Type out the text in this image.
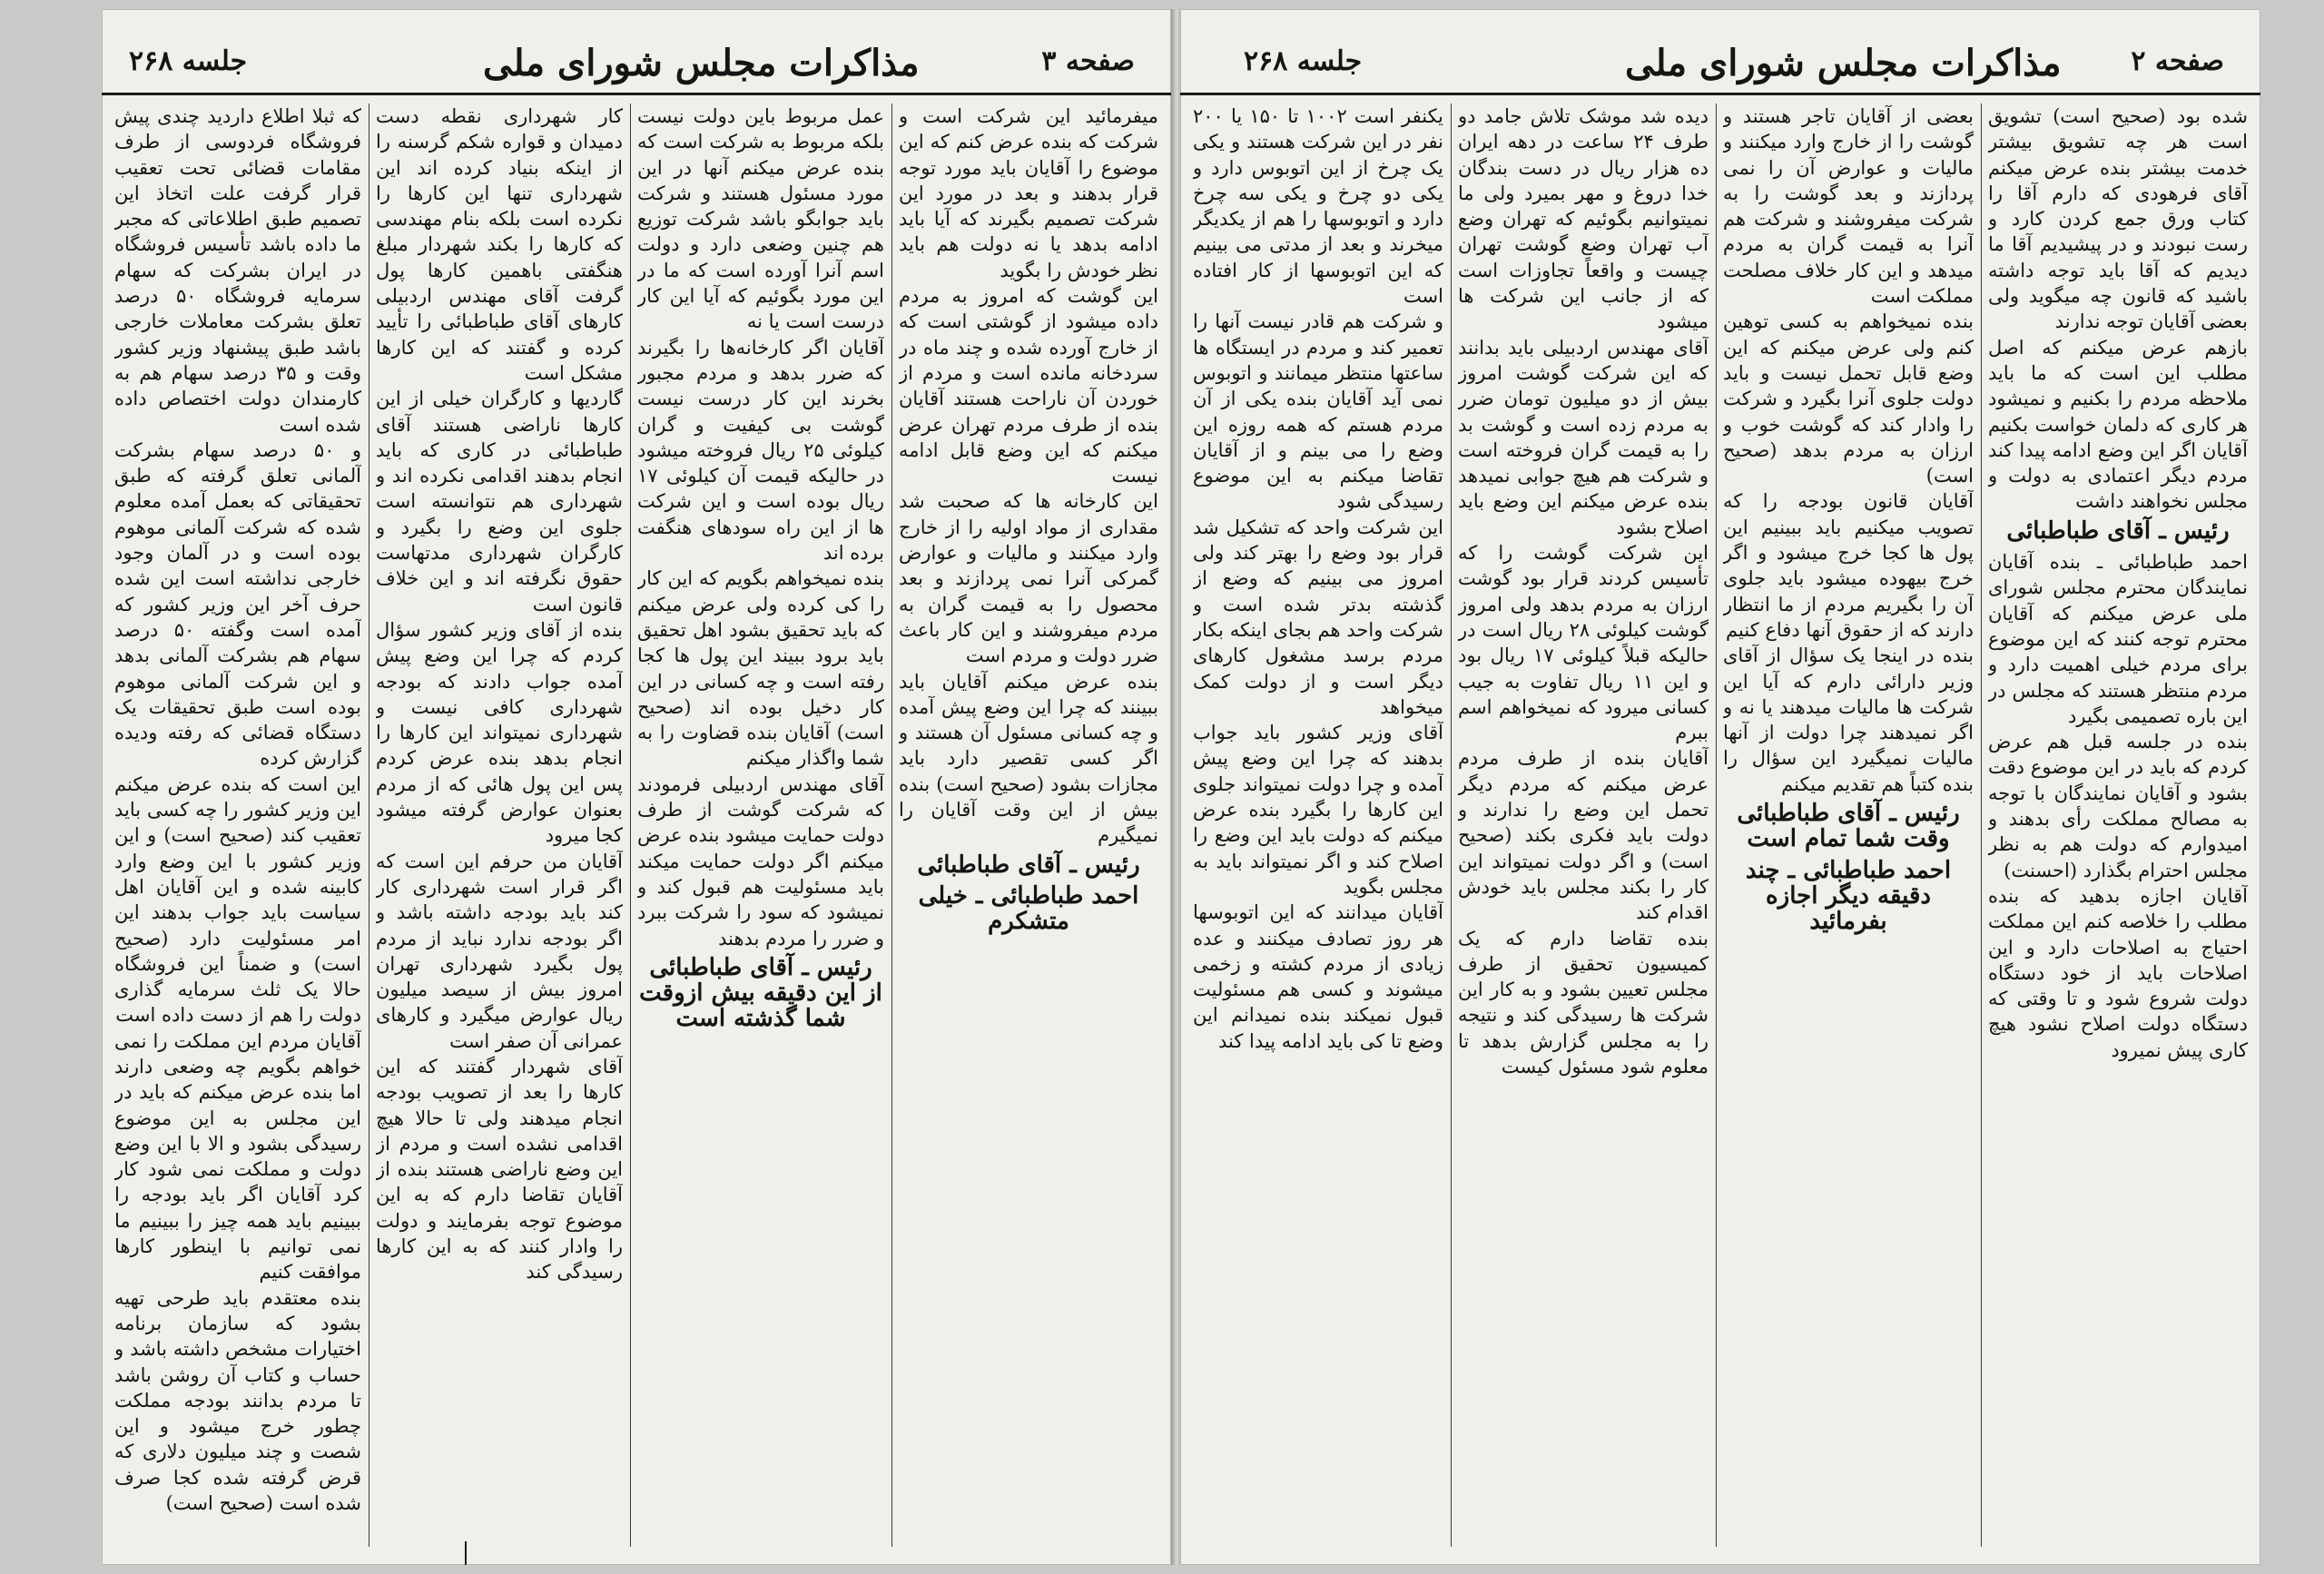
جلسه ۲۶۸	مذاکرات مجلس شورای ملی	صفحه ۳

که ثبلا اطلاع داردید چندی پیش فروشگاه فردوسی از طرف مقامات قضائی تحت تعقیب قرار گرفت علت اتخاذ این تصمیم طبق اطلاعاتی که مجبر ما داده باشد تأسیس فروشگاه در ایران بشرکت که سهام سرمایه فروشگاه ۵۰ درصد تعلق بشرکت معاملات خارجی باشد طبق پیشنهاد وزیر کشور وقت و ۳۵ درصد سهام هم به کارمندان دولت اختصاص داده شده است

و ۵۰ درصد سهام بشرکت آلمانی تعلق گرفته که طبق تحقیقاتی که بعمل آمده معلوم شده که شرکت آلمانی موهوم بوده است و در آلمان وجود خارجی نداشته است این شده حرف آخر این وزیر کشور که آمده است وگفته ۵۰ درصد سهام هم بشرکت آلمانی بدهد و این شرکت آلمانی موهوم بوده است طبق تحقیقات یک دستگاه قضائی که رفته ودیده گزارش کرده

این است که بنده عرض میکنم این وزیر کشور را چه کسی باید تعقیب کند (صحیح است) و این وزیر کشور با این وضع وارد کابینه شده و این آقایان اهل سیاست باید جواب بدهند این امر مسئولیت دارد (صحیح است) و ضمناً این فروشگاه حالا یک ثلث سرمایه گذاری دولت را هم از دست داده است

آقایان مردم این مملکت را نمی خواهم بگویم چه وضعی دارند اما بنده عرض میکنم که باید در این مجلس به این موضوع رسیدگی بشود و الا با این وضع دولت و مملکت نمی شود کار کرد آقایان اگر باید بودجه را ببینیم باید همه چیز را ببینیم ما نمی توانیم با اینطور کارها موافقت کنیم

بنده معتقدم باید طرحی تهیه بشود که سازمان برنامه اختیارات مشخص داشته باشد و حساب و کتاب آن روشن باشد تا مردم بدانند بودجه مملکت چطور خرج میشود و این شصت و چند میلیون دلاری که قرض گرفته شده کجا صرف شده است (صحیح است)

کار شهرداری نقطه دست دمیدان و قواره شکم گرسنه را از اینکه بنیاد کرده اند این شهرداری تنها این کارها را نکرده است بلکه بنام مهندسی که کارها را بکند شهردار مبلغ هنگفتی باهمین کارها پول گرفت آقای مهندس اردبیلی کارهای آقای طباطبائی را تأیید کرده و گفتند که این کارها مشکل است

گاردیها و کارگران خیلی از این کارها ناراضی هستند آقای طباطبائی در کاری که باید انجام بدهند اقدامی نکرده اند و شهرداری هم نتوانسته است جلوی این وضع را بگیرد و کارگران شهرداری مدتهاست حقوق نگرفته اند و این خلاف قانون است

بنده از آقای وزیر کشور سؤال کردم که چرا این وضع پیش آمده جواب دادند که بودجه شهرداری کافی نیست و شهرداری نمیتواند این کارها را انجام بدهد بنده عرض کردم پس این پول هائی که از مردم بعنوان عوارض گرفته میشود کجا میرود

آقایان من حرفم این است که اگر قرار است شهرداری کار کند باید بودجه داشته باشد و اگر بودجه ندارد نباید از مردم پول بگیرد شهرداری تهران امروز بیش از سیصد میلیون ریال عوارض میگیرد و کارهای عمرانی آن صفر است

آقای شهردار گفتند که این کارها را بعد از تصویب بودجه انجام میدهند ولی تا حالا هیچ اقدامی نشده است و مردم از این وضع ناراضی هستند بنده از آقایان تقاضا دارم که به این موضوع توجه بفرمایند و دولت را وادار کنند که به این کارها رسیدگی کند

عمل مربوط باین دولت نیست بلکه مربوط به شرکت است که بنده عرض میکنم آنها در این مورد مسئول هستند و شرکت باید جوابگو باشد شرکت توزیع هم چنین وضعی دارد و دولت اسم آنرا آورده است که ما در این مورد بگوئیم که آیا این کار درست است یا نه

آقایان اگر کارخانه‌ها را بگیرند که ضرر بدهد و مردم مجبور بخرند این کار درست نیست گوشت بی کیفیت و گران کیلوئی ۲۵ ریال فروخته میشود در حالیکه قیمت آن کیلوئی ۱۷ ریال بوده است و این شرکت ها از این راه سودهای هنگفت برده اند

بنده نمیخواهم بگویم که این کار را کی کرده ولی عرض میکنم که باید تحقیق بشود اهل تحقیق باید برود ببیند این پول ها کجا رفته است و چه کسانی در این کار دخیل بوده اند (صحیح است) آقایان بنده قضاوت را به شما واگذار میکنم

آقای مهندس اردبیلی فرمودند که شرکت گوشت از طرف دولت حمایت میشود بنده عرض میکنم اگر دولت حمایت میکند باید مسئولیت هم قبول کند و نمیشود که سود را شرکت ببرد و ضرر را مردم بدهند

رئیس ـ آقای طباطبائی از این دقیقه بیش ازوقت شما گذشته است

میفرمائید این شرکت است و شرکت که بنده عرض کنم که این موضوع را آقایان باید مورد توجه قرار بدهند و بعد در مورد این شرکت تصمیم بگیرند که آیا باید ادامه بدهد یا نه دولت هم باید نظر خودش را بگوید

این گوشت که امروز به مردم داده میشود از گوشتی است که از خارج آورده شده و چند ماه در سردخانه مانده است و مردم از خوردن آن ناراحت هستند آقایان بنده از طرف مردم تهران عرض میکنم که این وضع قابل ادامه نیست

این کارخانه ها که صحبت شد مقداری از مواد اولیه را از خارج وارد میکنند و مالیات و عوارض گمرکی آنرا نمی پردازند و بعد محصول را به قیمت گران به مردم میفروشند و این کار باعث ضرر دولت و مردم است

بنده عرض میکنم آقایان باید ببینند که چرا این وضع پیش آمده و چه کسانی مسئول آن هستند و اگر کسی تقصیر دارد باید مجازات بشود (صحیح است) بنده بیش از این وقت آقایان را نمیگیرم

رئیس ـ آقای طباطبائی

احمد طباطبائی ـ خیلی متشکرم

جلسه ۲۶۸	مذاکرات مجلس شورای ملی	صفحه ۲

یکنفر است ۱۰۰۲ تا ۱۵۰ یا ۲۰۰ نفر در این شرکت هستند و یکی یک چرخ از این اتوبوس دارد و یکی دو چرخ و یکی سه چرخ دارد و اتوبوسها را هم از یکدیگر میخرند و بعد از مدتی می بینیم که این اتوبوسها از کار افتاده است

و شرکت هم قادر نیست آنها را تعمیر کند و مردم در ایستگاه ها ساعتها منتظر میمانند و اتوبوس نمی آید آقایان بنده یکی از آن مردم هستم که همه روزه این وضع را می بینم و از آقایان تقاضا میکنم به این موضوع رسیدگی شود

این شرکت واحد که تشکیل شد قرار بود وضع را بهتر کند ولی امروز می بینیم که وضع از گذشته بدتر شده است و شرکت واحد هم بجای اینکه بکار مردم برسد مشغول کارهای دیگر است و از دولت کمک میخواهد

آقای وزیر کشور باید جواب بدهند که چرا این وضع پیش آمده و چرا دولت نمیتواند جلوی این کارها را بگیرد بنده عرض میکنم که دولت باید این وضع را اصلاح کند و اگر نمیتواند باید به مجلس بگوید

آقایان میدانند که این اتوبوسها هر روز تصادف میکنند و عده زیادی از مردم کشته و زخمی میشوند و کسی هم مسئولیت قبول نمیکند بنده نمیدانم این وضع تا کی باید ادامه پیدا کند

دیده شد موشک تلاش جامد دو طرف ۲۴ ساعت در دهه ایران ده هزار ریال در دست بندگان خدا دروغ و مهر بمیرد ولی ما نمیتوانیم بگوئیم که تهران وضع آب تهران وضع گوشت تهران چیست و واقعاً تجاوزات است که از جانب این شرکت ها میشود

آقای مهندس اردبیلی باید بدانند که این شرکت گوشت امروز بیش از دو میلیون تومان ضرر به مردم زده است و گوشت بد را به قیمت گران فروخته است و شرکت هم هیچ جوابی نمیدهد بنده عرض میکنم این وضع باید اصلاح بشود

این شرکت گوشت را که تأسیس کردند قرار بود گوشت ارزان به مردم بدهد ولی امروز گوشت کیلوئی ۲۸ ریال است در حالیکه قبلاً کیلوئی ۱۷ ریال بود و این ۱۱ ریال تفاوت به جیب کسانی میرود که نمیخواهم اسم ببرم

آقایان بنده از طرف مردم عرض میکنم که مردم دیگر تحمل این وضع را ندارند و دولت باید فکری بکند (صحیح است) و اگر دولت نمیتواند این کار را بکند مجلس باید خودش اقدام کند

بنده تقاضا دارم که یک کمیسیون تحقیق از طرف مجلس تعیین بشود و به کار این شرکت ها رسیدگی کند و نتیجه را به مجلس گزارش بدهد تا معلوم شود مسئول کیست

بعضی از آقایان تاجر هستند و گوشت را از خارج وارد میکنند و مالیات و عوارض آن را نمی پردازند و بعد گوشت را به شرکت میفروشند و شرکت هم آنرا به قیمت گران به مردم میدهد و این کار خلاف مصلحت مملکت است

بنده نمیخواهم به کسی توهین کنم ولی عرض میکنم که این وضع قابل تحمل نیست و باید دولت جلوی آنرا بگیرد و شرکت را وادار کند که گوشت خوب و ارزان به مردم بدهد (صحیح است)

آقایان قانون بودجه را که تصویب میکنیم باید ببینیم این پول ها کجا خرج میشود و اگر خرج بیهوده میشود باید جلوی آن را بگیریم مردم از ما انتظار دارند که از حقوق آنها دفاع کنیم

بنده در اینجا یک سؤال از آقای وزیر دارائی دارم که آیا این شرکت ها مالیات میدهند یا نه و اگر نمیدهند چرا دولت از آنها مالیات نمیگیرد این سؤال را بنده کتباً هم تقدیم میکنم

رئیس ـ آقای طباطبائی وقت شما تمام است

احمد طباطبائی ـ چند دقیقه دیگر اجازه بفرمائید

شده بود (صحیح است) تشویق است هر چه تشویق بیشتر خدمت بیشتر بنده عرض میکنم آقای فرهودی که دارم آقا را کتاب ورق جمع کردن کارد و رست نبودند و در پیشیدیم آقا ما دیدیم که آقا باید توجه داشته باشید که قانون چه میگوید ولی بعضی آقایان توجه ندارند

بازهم عرض میکنم که اصل مطلب این است که ما باید ملاحظه مردم را بکنیم و نمیشود هر کاری که دلمان خواست بکنیم آقایان اگر این وضع ادامه پیدا کند مردم دیگر اعتمادی به دولت و مجلس نخواهند داشت

رئیس ـ آقای طباطبائی

احمد طباطبائی ـ بنده آقایان نمایندگان محترم مجلس شورای ملی عرض میکنم که آقایان محترم توجه کنند که این موضوع برای مردم خیلی اهمیت دارد و مردم منتظر هستند که مجلس در این باره تصمیمی بگیرد

بنده در جلسه قبل هم عرض کردم که باید در این موضوع دقت بشود و آقایان نمایندگان با توجه به مصالح مملکت رأی بدهند و امیدوارم که دولت هم به نظر مجلس احترام بگذارد (احسنت)

آقایان اجازه بدهید که بنده مطلب را خلاصه کنم این مملکت احتیاج به اصلاحات دارد و این اصلاحات باید از خود دستگاه دولت شروع شود و تا وقتی که دستگاه دولت اصلاح نشود هیچ کاری پیش نمیرود
